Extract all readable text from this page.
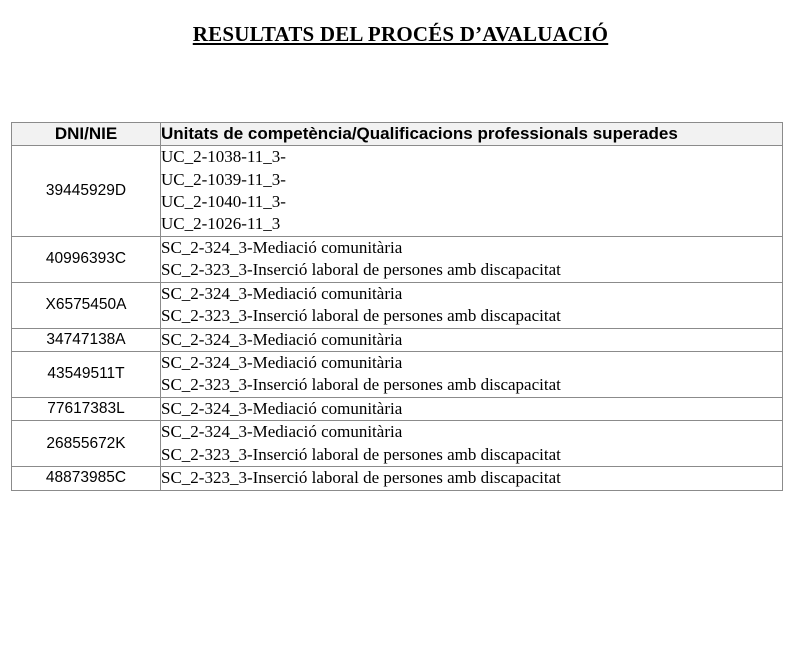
RESULTATS DEL PROCÉS D’AVALUACIÓ
DNI/NIE	Unitats de competència/Qualificacions professionals superades
39445929D	UC_2-1038-11_3-
UC_2-1039-11_3-
UC_2-1040-11_3-
UC_2-1026-11_3

40996393C	SC_2-324_3-Mediació comunitària
SC_2-323_3-Inserció laboral de persones amb discapacitat

X6575450A	SC_2-324_3-Mediació comunitària
SC_2-323_3-Inserció laboral de persones amb discapacitat

34747138A	SC_2-324_3-Mediació comunitària

43549511T	SC_2-324_3-Mediació comunitària
SC_2-323_3-Inserció laboral de persones amb discapacitat

77617383L	SC_2-324_3-Mediació comunitària

26855672K	SC_2-324_3-Mediació comunitària
SC_2-323_3-Inserció laboral de persones amb discapacitat

48873985C	SC_2-323_3-Inserció laboral de persones amb discapacitat
